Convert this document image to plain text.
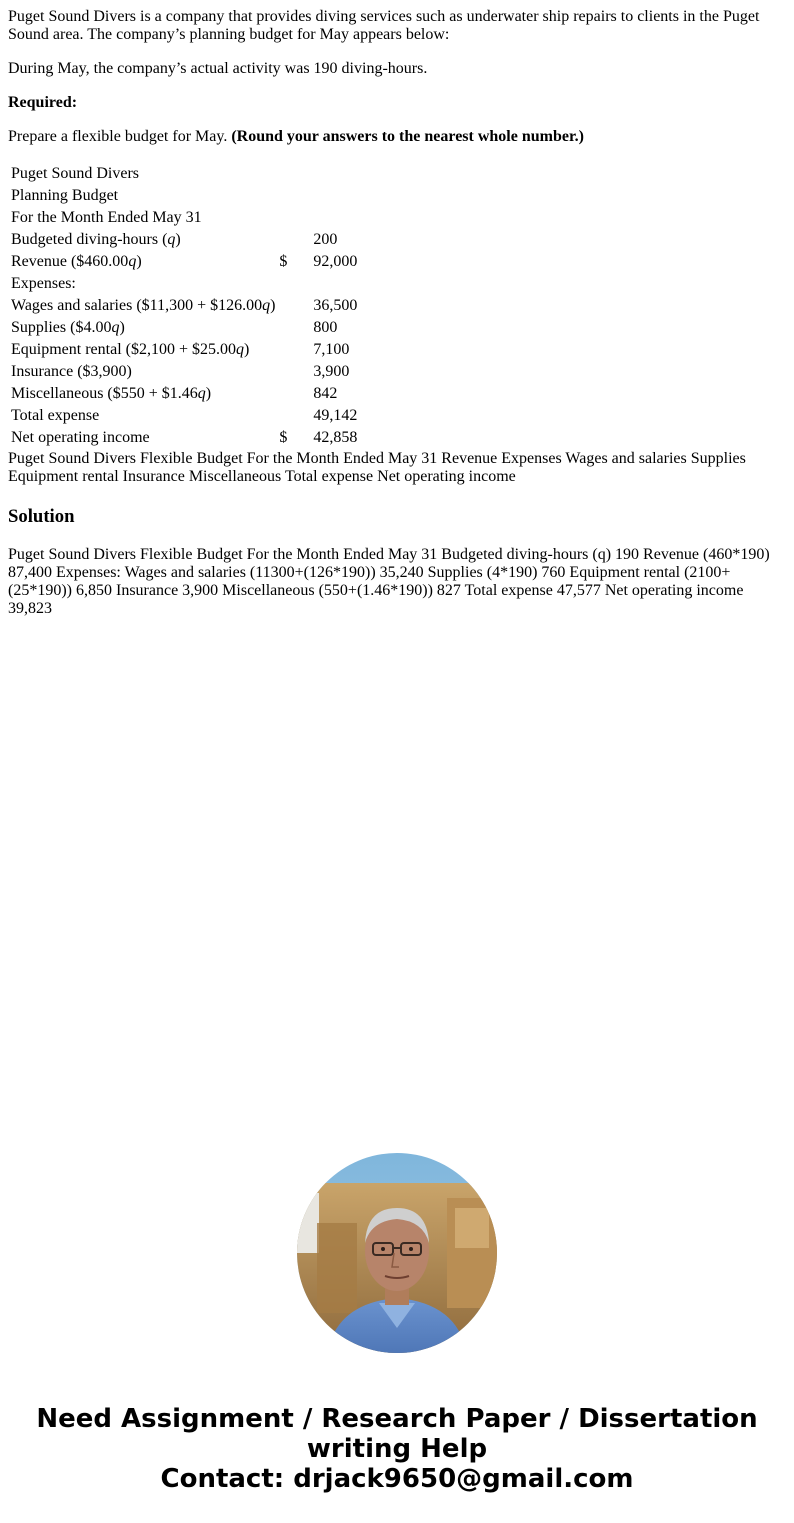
Puget Sound Divers is a company that provides diving services such as underwater ship repairs to clients in the Puget Sound area. The company’s planning budget for May appears below:

During May, the company’s actual activity was 190 diving-hours.

Required:

Prepare a flexible budget for May. (Round your answers to the nearest whole number.)

Puget Sound Divers		
Planning Budget		
For the Month Ended May 31		
Budgeted diving-hours (q)		200
Revenue ($460.00q)	$	92,000
Expenses:		
Wages and salaries ($11,300 + $126.00q)		36,500
Supplies ($4.00q)		800
Equipment rental ($2,100 + $25.00q)		7,100
Insurance ($3,900)		3,900
Miscellaneous ($550 + $1.46q)		842
Total expense		49,142
Net operating income	$	42,858

Puget Sound Divers Flexible Budget For the Month Ended May 31 Revenue Expenses Wages and salaries Supplies Equipment rental Insurance Miscellaneous Total expense Net operating income

Solution

Puget Sound Divers Flexible Budget For the Month Ended May 31 Budgeted diving-hours (q) 190 Revenue (460*190) 87,400 Expenses: Wages and salaries (11300+(126*190)) 35,240 Supplies (4*190) 760 Equipment rental (2100+(25*190)) 6,850 Insurance 3,900 Miscellaneous (550+(1.46*190)) 827 Total expense 47,577 Net operating income 39,823

Need Assignment / Research Paper / Dissertation
writing Help
Contact: drjack9650@gmail.com
